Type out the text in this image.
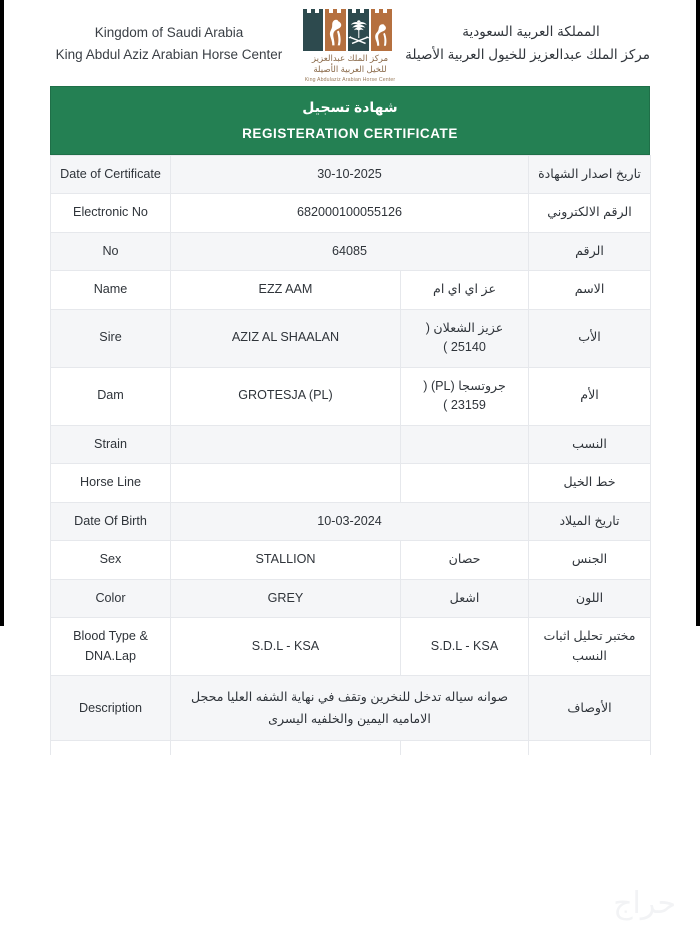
Kingdom of Saudi Arabia
King Abdul Aziz Arabian Horse Center	مركز الملك عبدالعزيز
للخيل العربية الأصيلة
King Abdulaziz Arabian Horse Center
المملكة العربية السعودية
مركز الملك عبدالعزيز للخيول العربية الأصيلة
شهادة تسجيل
REGISTERATION CERTIFICATE
Date of Certificate	30-10-2025		تاريخ اصدار الشهادة
Electronic No	682000100055126		الرقم الالكتروني
No	64085		الرقم
Name	EZZ AAM	عز اي اي ام	الاسم
Sire	AZIZ AL SHAALAN	عزيز الشعلان ( 25140 )	الأب
Dam	GROTESJA (PL)	جروتسجا (PL) ( 23159 )	الأم
Strain			النسب
Horse Line			خط الخيل
Date Of Birth	10-03-2024		تاريخ الميلاد
Sex	STALLION	حصان	الجنس
Color	GREY	اشعل	اللون
Blood Type & DNA.Lap	S.D.L - KSA	S.D.L - KSA	مختبر تحليل اثبات النسب
Description	صوانه سياله تدخل للنخرين وتقف في نهاية الشفه العليا محجل الاماميه اليمين والخلفيه اليسرى		الأوصاف

حراج
